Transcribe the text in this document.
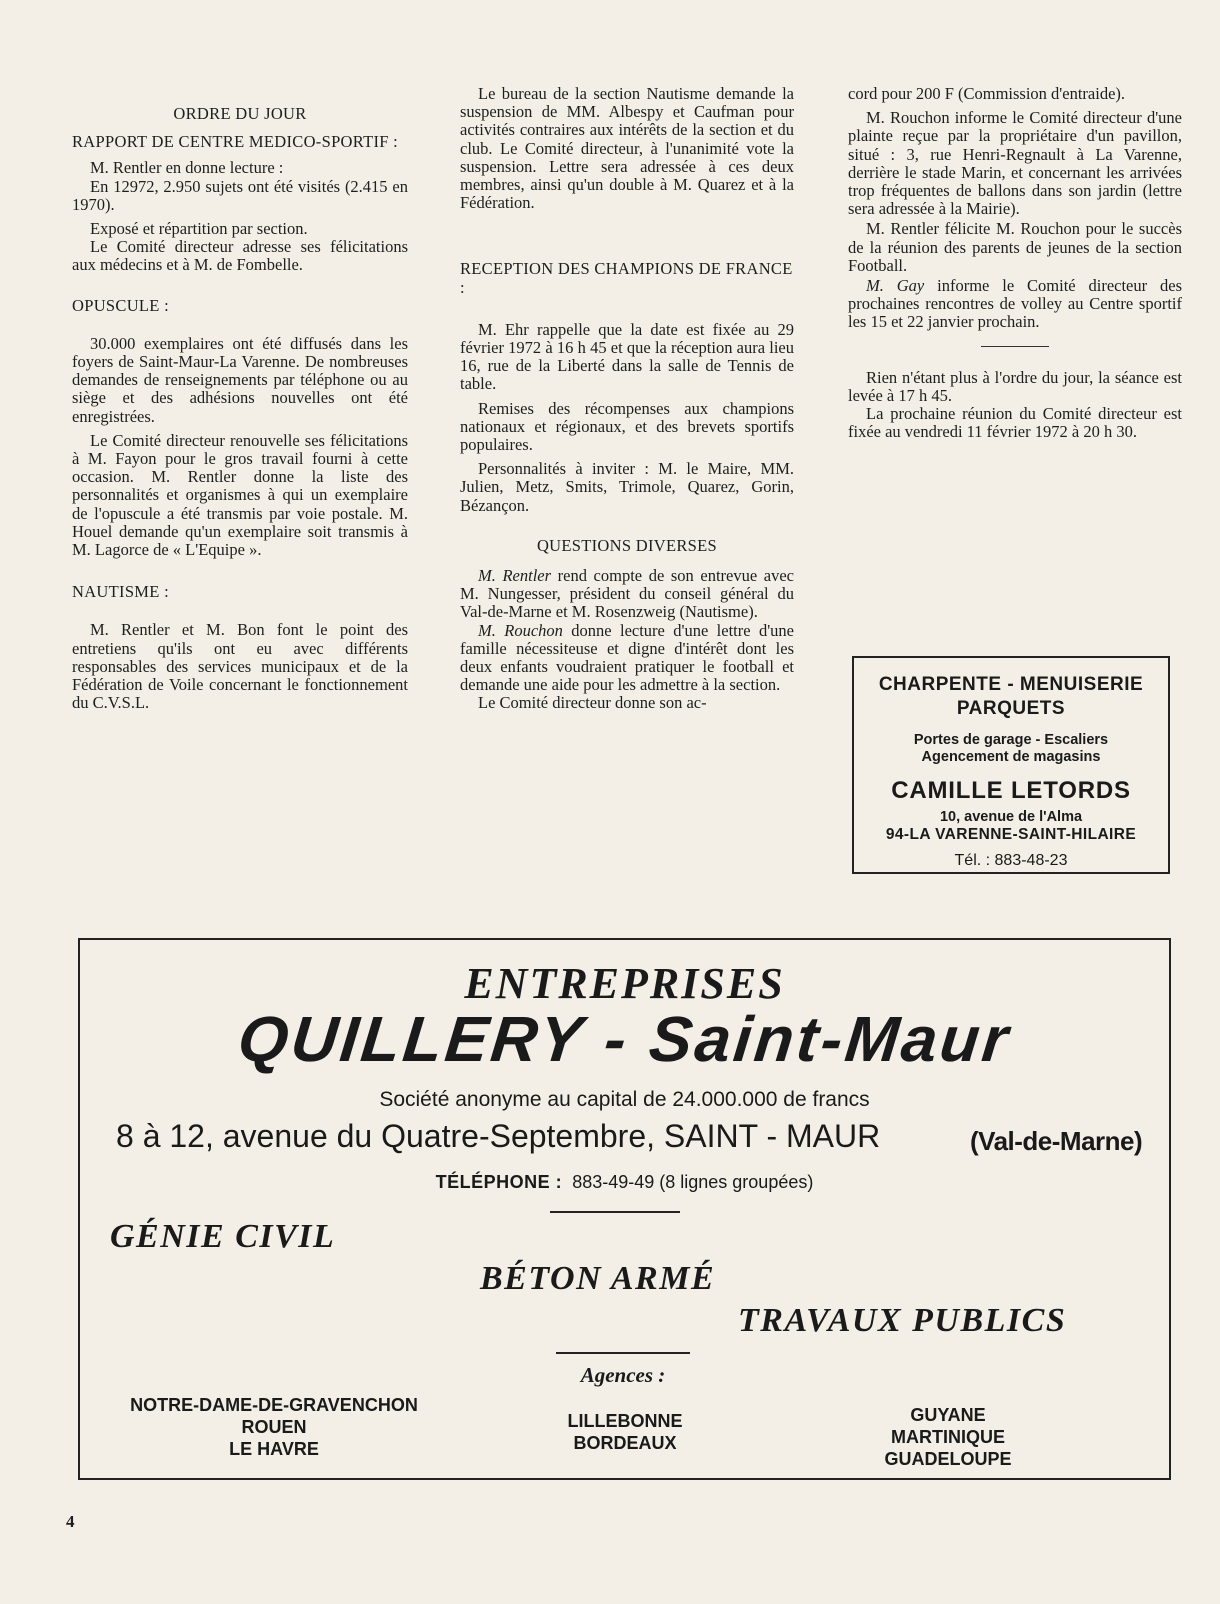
ORDRE DU JOUR

RAPPORT DE CENTRE MEDICO-SPORTIF :

M. Rentler en donne lecture :

En 12972, 2.950 sujets ont été visités (2.415 en 1970).

Exposé et répartition par section.

Le Comité directeur adresse ses félicitations aux médecins et à M. de Fombelle.

OPUSCULE :

30.000 exemplaires ont été diffusés dans les foyers de Saint-Maur-La Varenne. De nombreuses demandes de renseignements par téléphone ou au siège et des adhésions nouvelles ont été enregistrées.

Le Comité directeur renouvelle ses félicitations à M. Fayon pour le gros travail fourni à cette occasion. M. Rentler donne la liste des personnalités et organismes à qui un exemplaire de l'opuscule a été transmis par voie postale. M. Houel demande qu'un exemplaire soit transmis à M. Lagorce de « L'Equipe ».

NAUTISME :

M. Rentler et M. Bon font le point des entretiens qu'ils ont eu avec différents responsables des services municipaux et de la Fédération de Voile concernant le fonctionnement du C.V.S.L.

Le bureau de la section Nautisme demande la suspension de MM. Albespy et Caufman pour activités contraires aux intérêts de la section et du club. Le Comité directeur, à l'unanimité vote la suspension. Lettre sera adressée à ces deux membres, ainsi qu'un double à M. Quarez et à la Fédération.

RECEPTION DES CHAMPIONS DE FRANCE :

M. Ehr rappelle que la date est fixée au 29 février 1972 à 16 h 45 et que la réception aura lieu 16, rue de la Liberté dans la salle de Tennis de table.

Remises des récompenses aux champions nationaux et régionaux, et des brevets sportifs populaires.

Personnalités à inviter : M. le Maire, MM. Julien, Metz, Smits, Trimole, Quarez, Gorin, Bézançon.

QUESTIONS DIVERSES

M. Rentler rend compte de son entrevue avec M. Nungesser, président du conseil général du Val-de-Marne et M. Rosenzweig (Nautisme).

M. Rouchon donne lecture d'une lettre d'une famille nécessiteuse et digne d'intérêt dont les deux enfants voudraient pratiquer le football et demande une aide pour les admettre à la section.

Le Comité directeur donne son ac-

cord pour 200 F (Commission d'entraide).

M. Rouchon informe le Comité directeur d'une plainte reçue par la propriétaire d'un pavillon, situé : 3, rue Henri-Regnault à La Varenne, derrière le stade Marin, et concernant les arrivées trop fréquentes de ballons dans son jardin (lettre sera adressée à la Mairie).

M. Rentler félicite M. Rouchon pour le succès de la réunion des parents de jeunes de la section Football.

M. Gay informe le Comité directeur des prochaines rencontres de volley au Centre sportif les 15 et 22 janvier prochain.

Rien n'étant plus à l'ordre du jour, la séance est levée à 17 h 45.

La prochaine réunion du Comité directeur est fixée au vendredi 11 février 1972 à 20 h 30.

CHARPENTE - MENUISERIE
PARQUETS
Portes de garage - Escaliers
Agencement de magasins
CAMILLE LETORDS
10, avenue de l'Alma
94-LA VARENNE-SAINT-HILAIRE
Tél. : 883-48-23
ENTREPRISES
QUILLERY - Saint-Maur
Société anonyme au capital de 24.000.000 de francs
8 à 12, avenue du Quatre-Septembre, SAINT - MAUR	(Val-de-Marne)
TÉLÉPHONE : 883-49-49 (8 lignes groupées)
GÉNIE CIVIL
BÉTON ARMÉ
TRAVAUX PUBLICS
Agences :
NOTRE-DAME-DE-GRAVENCHON
ROUEN
LE HAVRE
LILLEBONNE
BORDEAUX
GUYANE
MARTINIQUE
GUADELOUPE
4
